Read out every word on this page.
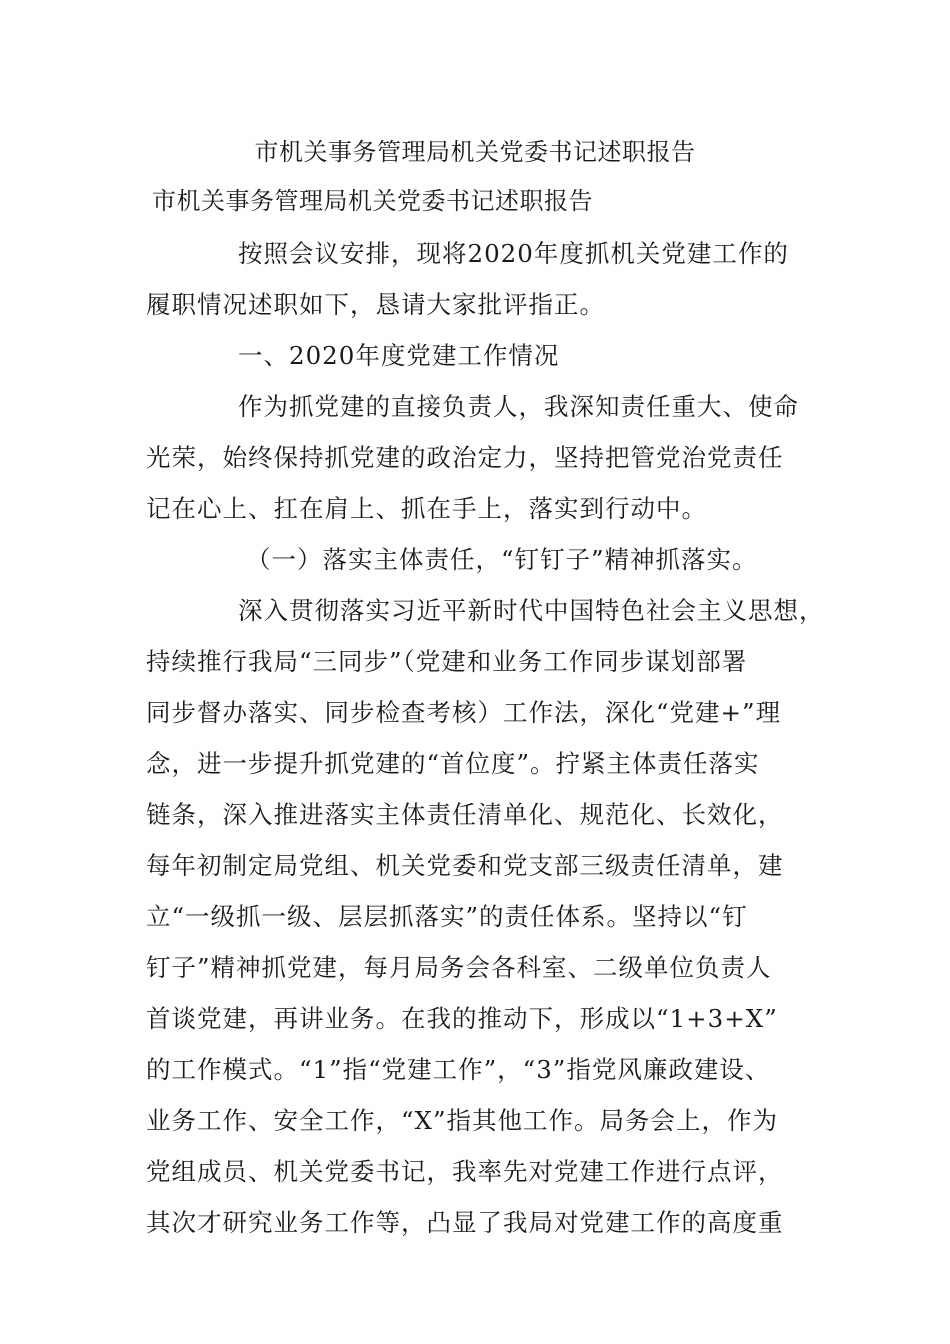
市机关事务管理局机关党委书记述职报告
市机关事务管理局机关党委书记述职报告
按照会议安排，现将2020年度抓机关党建工作的
履职情况述职如下，恳请大家批评指正。
一、2020年度党建工作情况
作为抓党建的直接负责人，我深知责任重大、使命
光荣，始终保持抓党建的政治定力，坚持把管党治党责任
记在心上、扛在肩上、抓在手上，落实到行动中。
（一）落实主体责任，“钉钉子”精神抓落实。
深入贯彻落实习近平新时代中国特色社会主义思想，
持续推行我局“三同步”（党建和业务工作同步谋划部署
同步督办落实、同步检查考核）工作法，深化“党建+”理
念，进一步提升抓党建的“首位度”。拧紧主体责任落实
链条，深入推进落实主体责任清单化、规范化、长效化，
每年初制定局党组、机关党委和党支部三级责任清单，建
立“一级抓一级、层层抓落实”的责任体系。坚持以“钉
钉子”精神抓党建，每月局务会各科室、二级单位负责人
首谈党建，再讲业务。在我的推动下，形成以“1+3+X”
的工作模式。“1”指“党建工作”，“3”指党风廉政建设、
业务工作、安全工作，“X”指其他工作。局务会上，作为
党组成员、机关党委书记，我率先对党建工作进行点评，
其次才研究业务工作等，凸显了我局对党建工作的高度重
